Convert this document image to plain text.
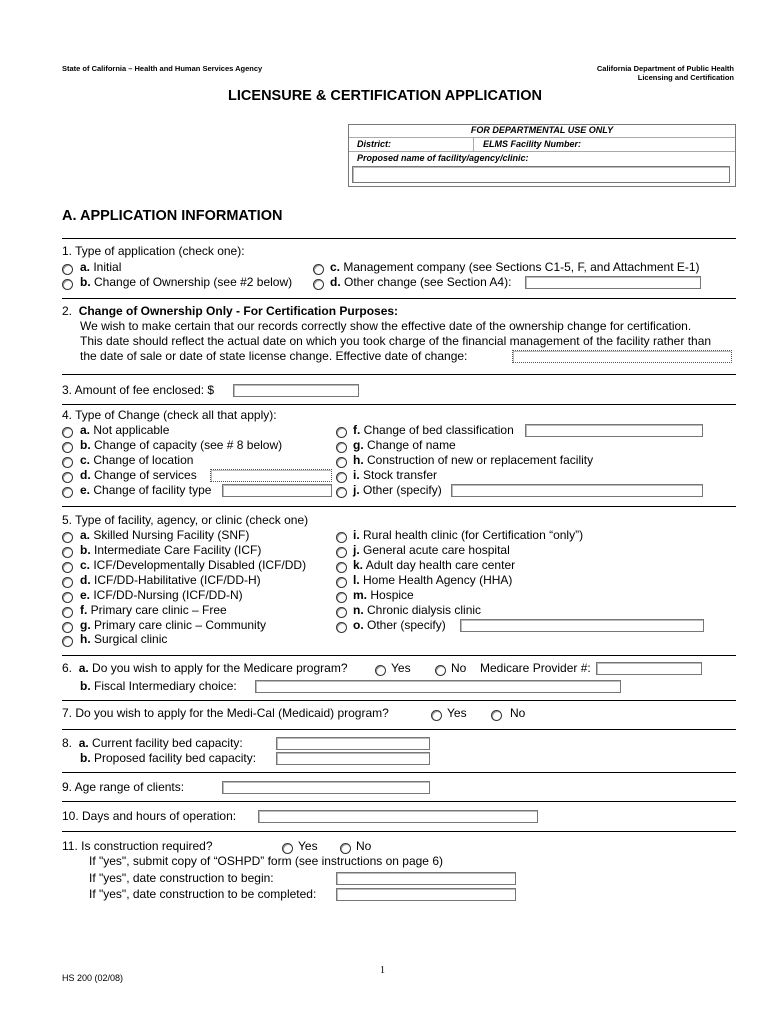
State of California – Health and Human Services Agency	California Department of Public Health
Licensing and Certification
LICENSURE & CERTIFICATION APPLICATION
FOR DEPARTMENTAL USE ONLY
District:	ELMS Facility Number:
Proposed name of facility/agency/clinic:
A. APPLICATION INFORMATION
1. Type of application (check one):
a. Initial
b. Change of Ownership (see #2 below)
c. Management company (see Sections C1-5, F, and Attachment E-1)
d. Other change (see Section A4):
2. Change of Ownership Only - For Certification Purposes:
We wish to make certain that our records correctly show the effective date of the ownership change for certification.
This date should reflect the actual date on which you took charge of the financial management of the facility rather than
the date of sale or date of state license change. Effective date of change:
3. Amount of fee enclosed: $
4. Type of Change (check all that apply):
a. Not applicable
b. Change of capacity (see # 8 below)
c. Change of location
d. Change of services
e. Change of facility type
f. Change of bed classification
g. Change of name
h. Construction of new or replacement facility
i. Stock transfer
j. Other (specify)
5. Type of facility, agency, or clinic (check one)
a. Skilled Nursing Facility (SNF)
b. Intermediate Care Facility (ICF)
c. ICF/Developmentally Disabled (ICF/DD)
d. ICF/DD-Habilitative (ICF/DD-H)
e. ICF/DD-Nursing (ICF/DD-N)
f. Primary care clinic – Free
g. Primary care clinic – Community
h. Surgical clinic
i. Rural health clinic (for Certification “only”)
j. General acute care hospital
k. Adult day health care center
l. Home Health Agency (HHA)
m. Hospice
n. Chronic dialysis clinic
o. Other (specify)
6. a. Do you wish to apply for the Medicare program?	Yes	No Medicare Provider #:
b. Fiscal Intermediary choice:
7. Do you wish to apply for the Medi-Cal (Medicaid) program?	Yes	No
8. a. Current facility bed capacity:
b. Proposed facility bed capacity:
9. Age range of clients:
10. Days and hours of operation:
11. Is construction required?	Yes	No
If "yes", submit copy of “OSHPD” form (see instructions on page 6)
If "yes", date construction to begin:
If "yes", date construction to be completed:
1
HS 200 (02/08)
